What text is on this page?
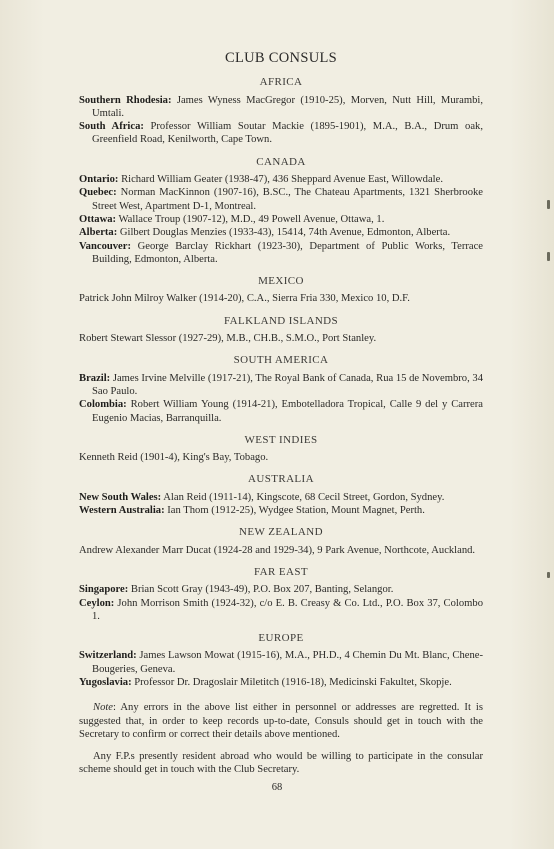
CLUB CONSULS
AFRICA

Southern Rhodesia: James Wyness MacGregor (1910-25), Morven, Nutt Hill, Murambi, Umtali.

South Africa: Professor William Soutar Mackie (1895-1901), M.A., B.A., Drum oak, Greenfield Road, Kenilworth, Cape Town.

CANADA

Ontario: Richard William Geater (1938-47), 436 Sheppard Avenue East, Willowdale.

Quebec: Norman MacKinnon (1907-16), B.SC., The Chateau Apartments, 1321 Sherbrooke Street West, Apartment D-1, Montreal.

Ottawa: Wallace Troup (1907-12), M.D., 49 Powell Avenue, Ottawa, 1.

Alberta: Gilbert Douglas Menzies (1933-43), 15414, 74th Avenue, Edmonton, Alberta.

Vancouver: George Barclay Rickhart (1923-30), Department of Public Works, Terrace Building, Edmonton, Alberta.

MEXICO

Patrick John Milroy Walker (1914-20), C.A., Sierra Fria 330, Mexico 10, D.F.

FALKLAND ISLANDS

Robert Stewart Slessor (1927-29), M.B., CH.B., S.M.O., Port Stanley.

SOUTH AMERICA

Brazil: James Irvine Melville (1917-21), The Royal Bank of Canada, Rua 15 de Novembro, 34 Sao Paulo.

Colombia: Robert William Young (1914-21), Embotelladora Tropical, Calle 9 del y Carrera Eugenio Macias, Barranquilla.

WEST INDIES

Kenneth Reid (1901-4), King's Bay, Tobago.

AUSTRALIA

New South Wales: Alan Reid (1911-14), Kingscote, 68 Cecil Street, Gordon, Sydney.

Western Australia: Ian Thom (1912-25), Wydgee Station, Mount Magnet, Perth.

NEW ZEALAND

Andrew Alexander Marr Ducat (1924-28 and 1929-34), 9 Park Avenue, Northcote, Auckland.

FAR EAST

Singapore: Brian Scott Gray (1943-49), P.O. Box 207, Banting, Selangor.

Ceylon: John Morrison Smith (1924-32), c/o E. B. Creasy & Co. Ltd., P.O. Box 37, Colombo 1.

EUROPE

Switzerland: James Lawson Mowat (1915-16), M.A., PH.D., 4 Chemin Du Mt. Blanc, Chene-Bougeries, Geneva.

Yugoslavia: Professor Dr. Dragoslair Miletitch (1916-18), Medicinski Fakultet, Skopje.

Note: Any errors in the above list either in personnel or addresses are regretted. It is suggested that, in order to keep records up-to-date, Consuls should get in touch with the Secretary to confirm or correct their details above mentioned.

Any F.P.s presently resident abroad who would be willing to participate in the consular scheme should get in touch with the Club Secretary.

68
